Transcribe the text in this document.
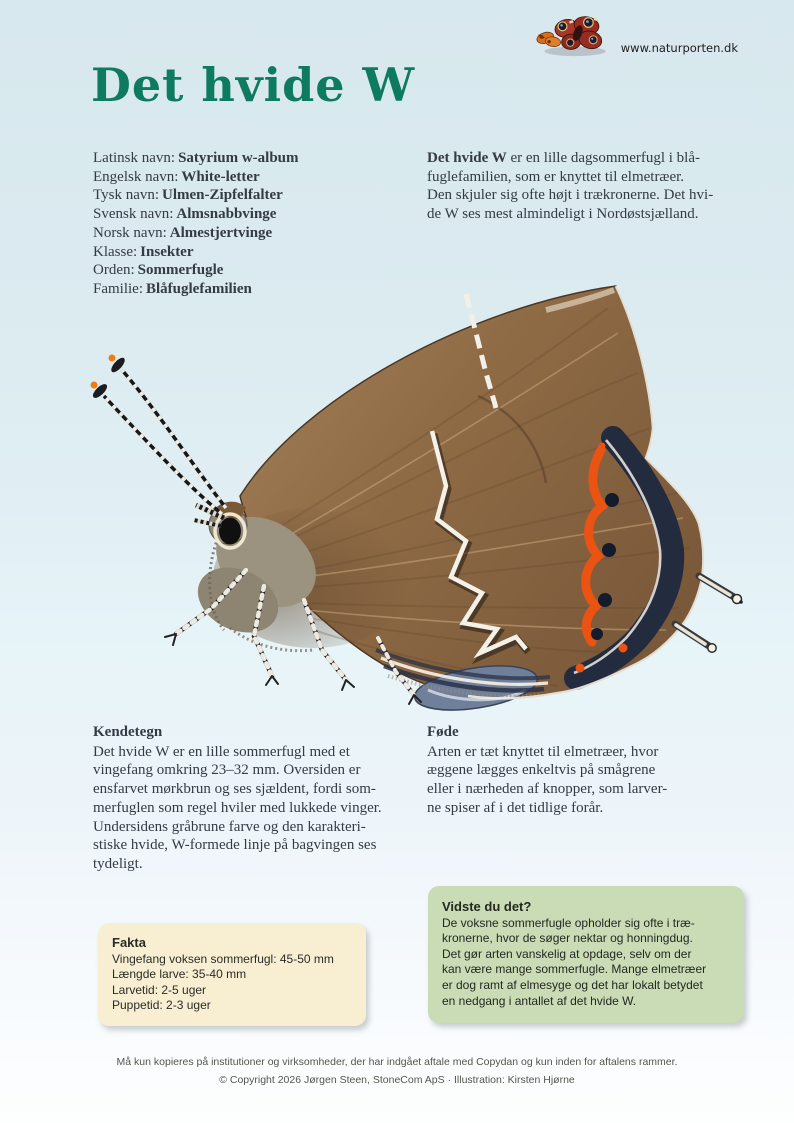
www.naturporten.dk
Det hvide W
Latinsk navn: Satyrium w-album
Engelsk navn: White-letter
Tysk navn: Ulmen-Zipfelfalter
Svensk navn: Almsnabbvinge
Norsk navn: Almestjertvinge
Klasse: Insekter
Orden: Sommerfugle
Familie: Blåfuglefamilien
Det hvide W er en lille dagsommerfugl i blå-
fuglefamilien, som er knyttet til elmetræer.
Den skjuler sig ofte højt i trækronerne. Det hvi-
de W ses mest almindeligt i Nordøstsjælland.
Kendetegn

Det hvide W er en lille sommerfugl med et
vingefang omkring 23–32 mm. Oversiden er
ensfarvet mørkbrun og ses sjældent, fordi som-
merfuglen som regel hviler med lukkede vinger.
Undersidens gråbrune farve og den karakteri-
stiske hvide, W-formede linje på bagvingen ses
tydeligt.

Føde

Arten er tæt knyttet til elmetræer, hvor
æggene lægges enkeltvis på smågrene
eller i nærheden af knopper, som larver-
ne spiser af i det tidlige forår.

Fakta
Vingefang voksen sommerfugl: 45-50 mm
Længde larve: 35-40 mm
Larvetid: 2-5 uger
Puppetid: 2-3 uger
Vidste du det?

De voksne sommerfugle opholder sig ofte i træ-
kronerne, hvor de søger nektar og honningdug.
Det gør arten vanskelig at opdage, selv om der
kan være mange sommerfugle. Mange elmetræer
er dog ramt af elmesyge og det har lokalt betydet
en nedgang i antallet af det hvide W.

Må kun kopieres på institutioner og virksomheder, der har indgået aftale med Copydan og kun inden for aftalens rammer.
© Copyright 2026 Jørgen Steen, StoneCom ApS · Illustration: Kirsten Hjørne
